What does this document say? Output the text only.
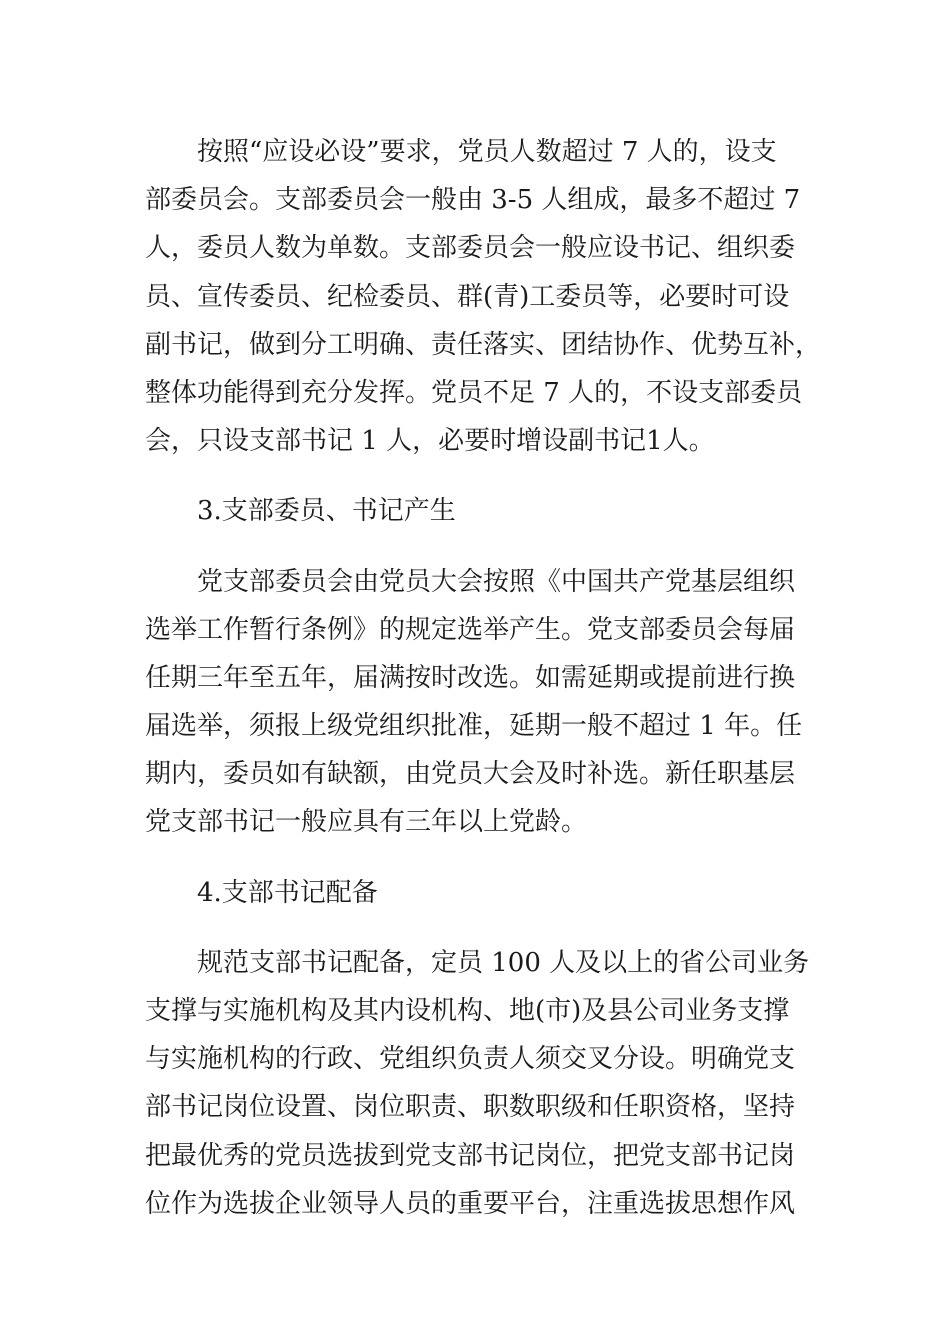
按照“应设必设”要求，党员人数超过 7 人的，设支
部委员会。支部委员会一般由 3-5 人组成，最多不超过 7
人，委员人数为单数。支部委员会一般应设书记、组织委
员、宣传委员、纪检委员、群(青)工委员等，必要时可设
副书记，做到分工明确、责任落实、团结协作、优势互补，
整体功能得到充分发挥。党员不足 7 人的，不设支部委员
会，只设支部书记 1 人，必要时增设副书记1人。
3.支部委员、书记产生
党支部委员会由党员大会按照《中国共产党基层组织
选举工作暂行条例》的规定选举产生。党支部委员会每届
任期三年至五年，届满按时改选。如需延期或提前进行换
届选举，须报上级党组织批准，延期一般不超过 1 年。任
期内，委员如有缺额，由党员大会及时补选。新任职基层
党支部书记一般应具有三年以上党龄。
4.支部书记配备
规范支部书记配备，定员 100 人及以上的省公司业务
支撑与实施机构及其内设机构、地(市)及县公司业务支撑
与实施机构的行政、党组织负责人须交叉分设。明确党支
部书记岗位设置、岗位职责、职数职级和任职资格，坚持
把最优秀的党员选拔到党支部书记岗位，把党支部书记岗
位作为选拔企业领导人员的重要平台，注重选拔思想作风
